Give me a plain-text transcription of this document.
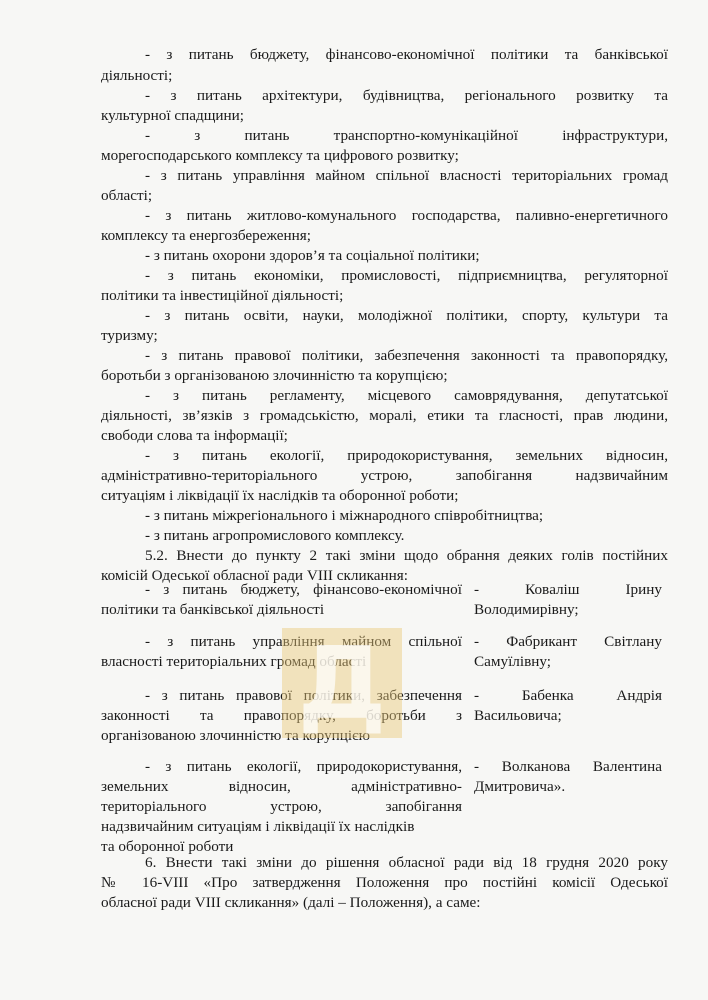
- з питань бюджету, фінансово-економічної політики та банківської
діяльності;
- з питань архітектури, будівництва, регіонального розвитку та
культурної спадщини;
- з питань транспортно-комунікаційної інфраструктури,
морегосподарського комплексу та цифрового розвитку;
- з питань управління майном спільної власності територіальних громад
області;
- з питань житлово-комунального господарства, паливно-енергетичного
комплексу та енергозбереження;
- з питань охорони здоров’я та соціальної політики;
- з питань економіки, промисловості, підприємництва, регуляторної
політики та інвестиційної діяльності;
- з питань освіти, науки, молодіжної політики, спорту, культури та
туризму;
- з питань правової політики, забезпечення законності та правопорядку,
боротьби з організованою злочинністю та корупцією;
- з питань регламенту, місцевого самоврядування, депутатської
діяльності, зв’язків з громадськістю, моралі, етики та гласності, прав людини,
свободи слова та інформації;
- з питань екології, природокористування, земельних відносин,
адміністративно-територіального устрою, запобігання надзвичайним
ситуаціям і ліквідації їх наслідків та оборонної роботи;
- з питань міжрегіонального і міжнародного співробітництва;
- з питань агропромислового комплексу.
5.2. Внести до пункту 2 такі зміни щодо обрання деяких голів постійних
комісій Одеської обласної ради VIII скликання:
- з питань бюджету, фінансово-економічної
політики та банківської діяльності
- Ковaліш Ірину
Володимирівну;
- з питань управління майном спільної
власності територіальних громад області
- Фабрикант Світлану
Самуїлівну;
- з питань правової політики, забезпечення
законності та правопорядку, боротьби з
організованою злочинністю та корупцією
- Бабенка Андрія
Васильовича;
- з питань екології, природокористування,
земельних відносин, адміністративно-
територіального устрою, запобігання
надзвичайним ситуаціям і ліквідації їх наслідків
та оборонної роботи
- Волканова Валентина
Дмитровича».
6. Внести такі зміни до рішення обласної ради від 18 грудня 2020 року
№ 16-VIII «Про затвердження Положення про постійні комісії Одеської
обласної ради VIII скликання» (далі – Положення), а саме:
Д
